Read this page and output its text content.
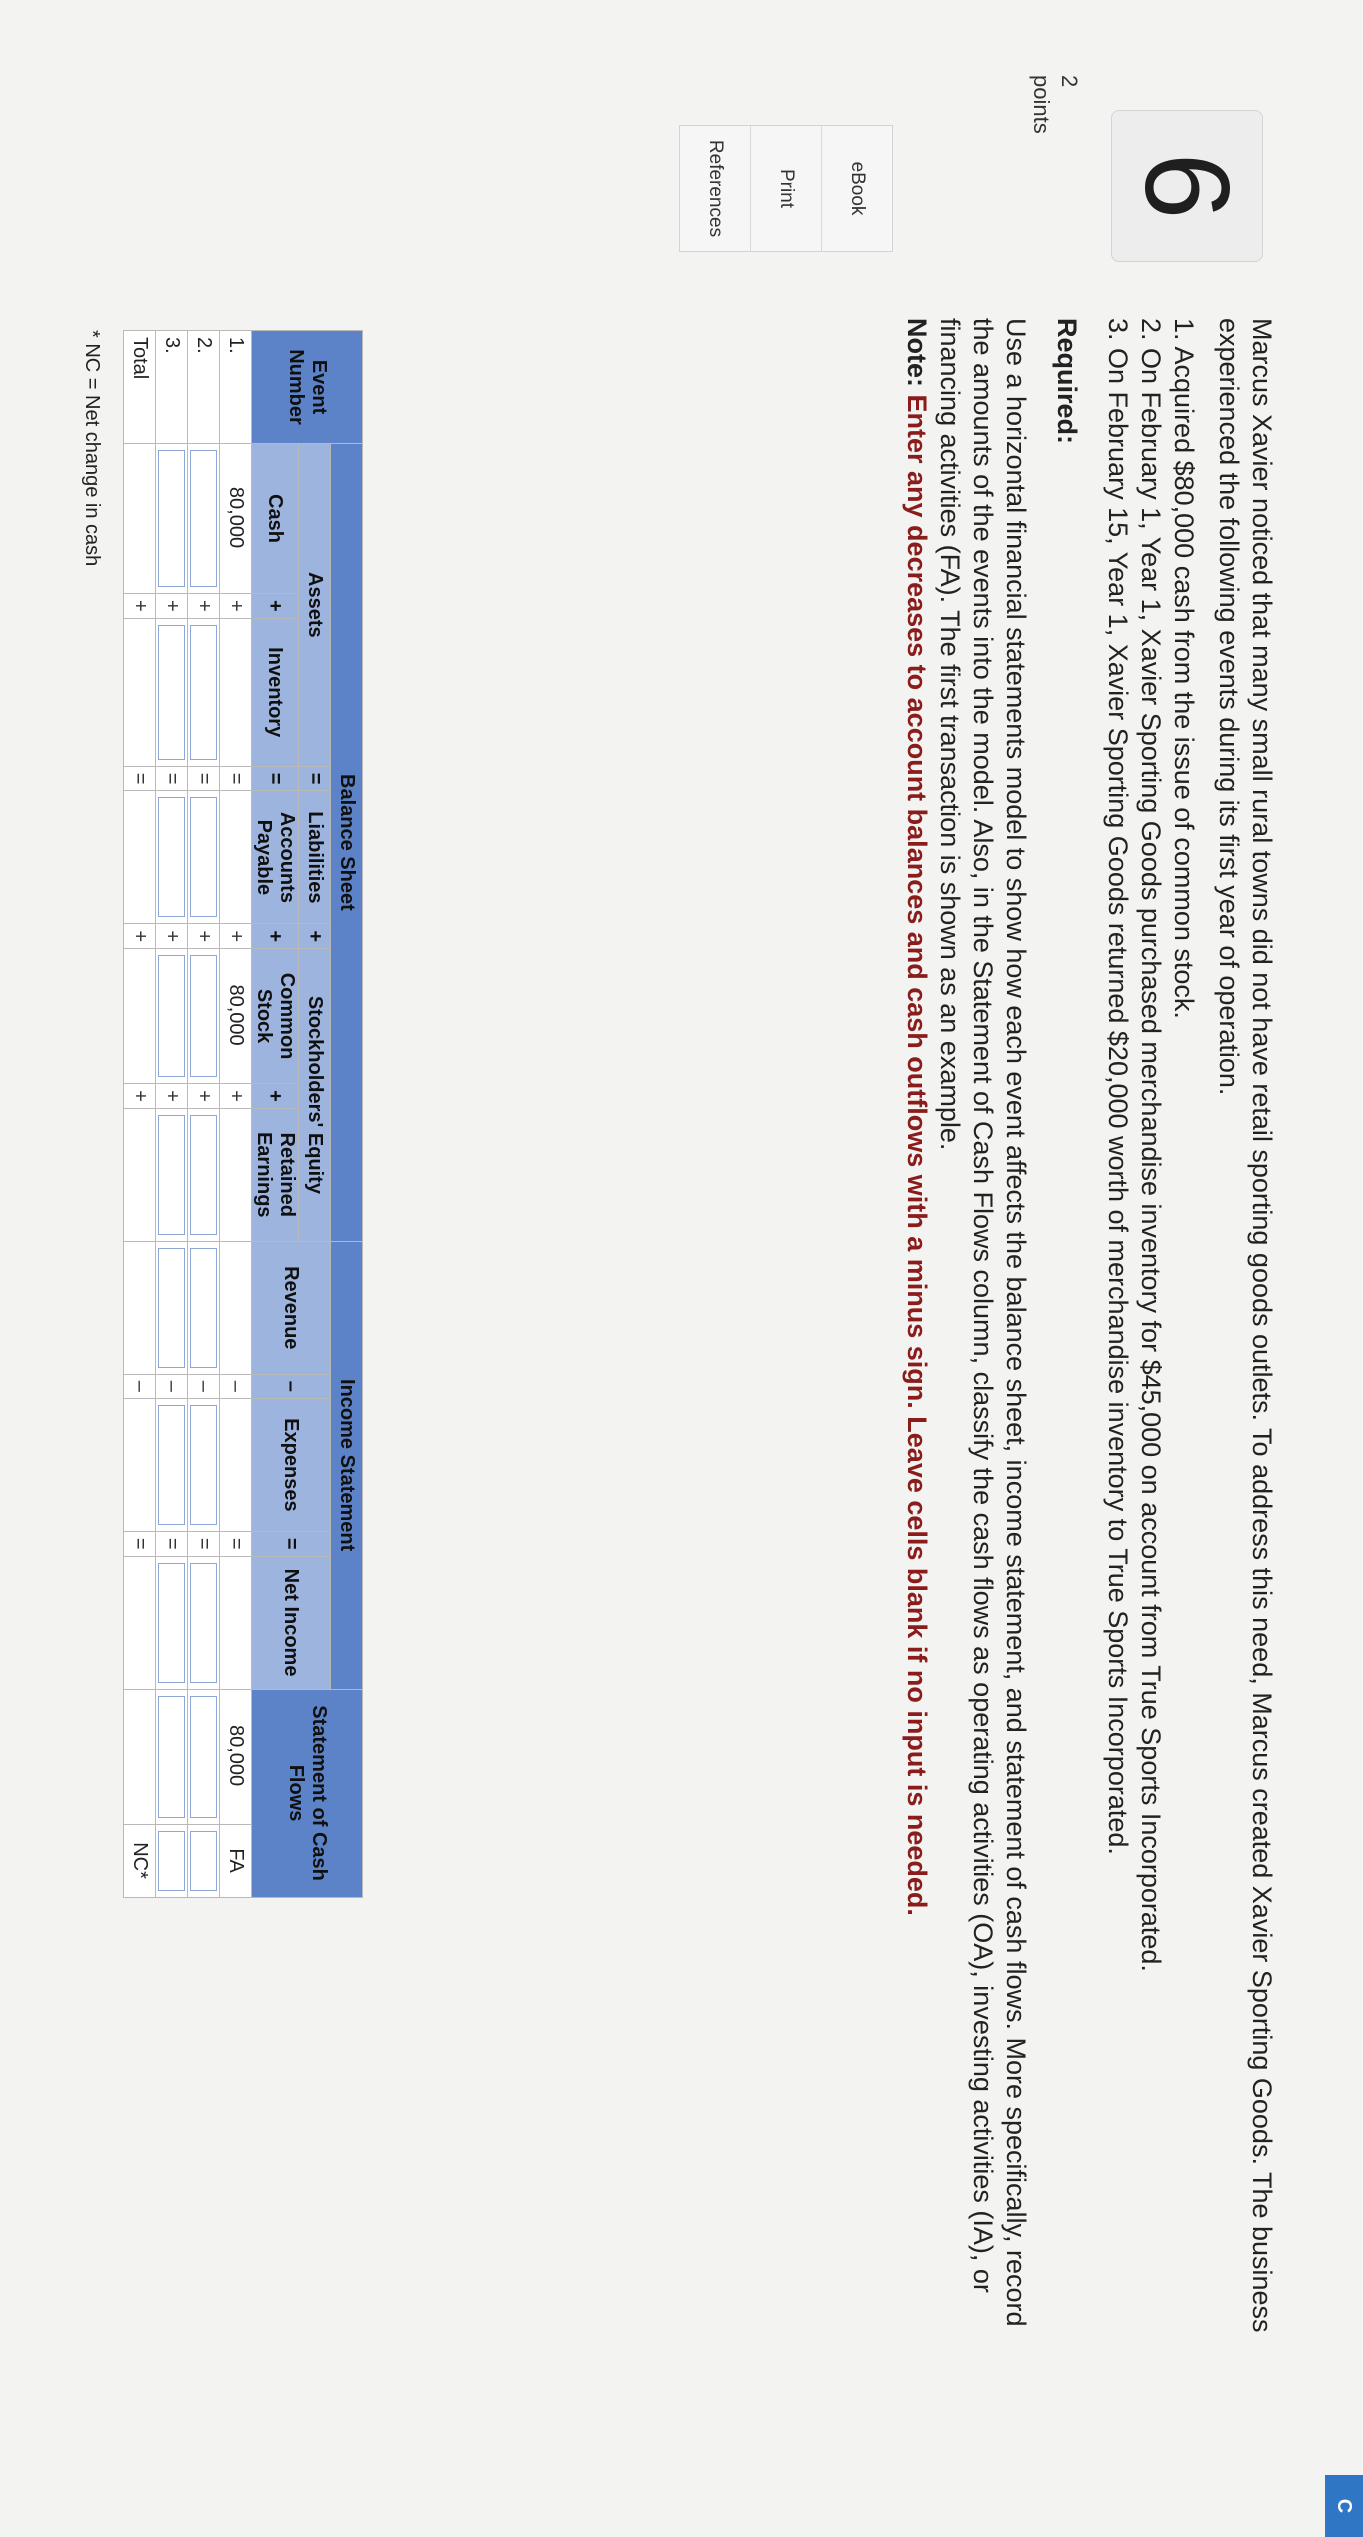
6
2
points
eBook
Print
References

Marcus Xavier noticed that many small rural towns did not have retail sporting goods outlets. To address this need, Marcus created Xavier Sporting Goods. The business experienced the following events during its first year of operation.

1. Acquired $80,000 cash from the issue of common stock.
2. On February 1, Year 1, Xavier Sporting Goods purchased merchandise inventory for $45,000 on account from True Sports Incorporated.
3. On February 15, Year 1, Xavier Sporting Goods returned $20,000 worth of merchandise inventory to True Sports Incorporated.
Required:

Use a horizontal financial statements model to show how each event affects the balance sheet, income statement, and statement of cash flows. More specifically, record the amounts of the events into the model. Also, in the Statement of Cash Flows column, classify the cash flows as operating activities (OA), investing activities (IA), or financing activities (FA). The first transaction is shown as an example.
Note: Enter any decreases to account balances and cash outflows with a minus sign. Leave cells blank if no input is needed.

Event Number	Balance Sheet									Income Statement					Statement of Cash Flows	
	Assets			=	Liabilities	+	Stockholders' Equity			Revenue	–	Expenses	=	Net Income		
	Cash	+	Inventory	=	Accounts Payable	+	Common Stock	+	Retained Earnings							
1.	80,000	+		=		+	80,000	+			–		=		80,000	FA
2.		+		=		+		+			–		=	

3.		+		=		+		+			–		=	

Total		+		=		+		+			–		=			NC*
* NC = Net change in cash
C
